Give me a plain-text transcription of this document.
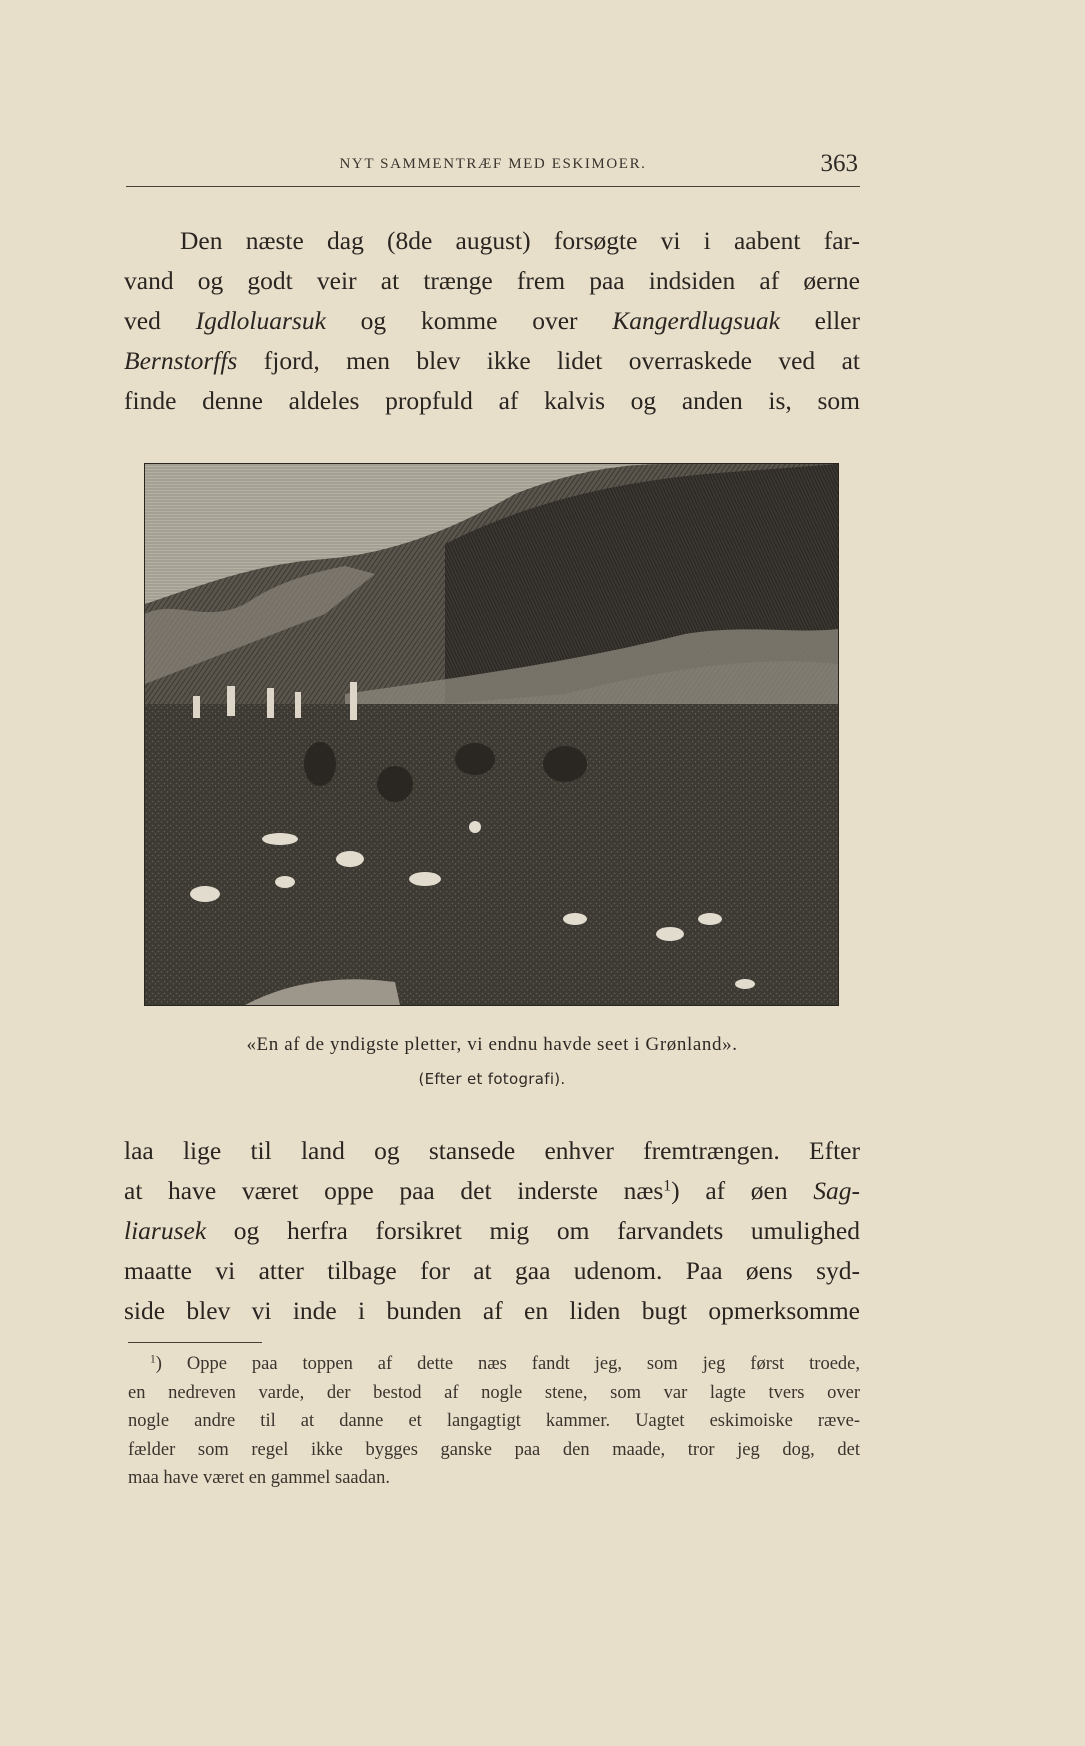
NYT SAMMENTRÆF MED ESKIMOER.	363
Den næste dag (8de august) forsøgte vi i aabent far-
vand og godt veir at trænge frem paa indsiden af øerne
ved Igdloluarsuk og komme over Kangerdlugsuak eller
Bernstorffs fjord, men blev ikke lidet overraskede ved at
finde denne aldeles propfuld af kalvis og anden is, som
«En af de yndigste pletter, vi endnu havde seet i Grønland».
(Efter et fotografi).
laa lige til land og stansede enhver fremtrængen. Efter
at have været oppe paa det inderste næs$^1$) af øen Sag-
liarusek og herfra forsikret mig om farvandets umulighed
maatte vi atter tilbage for at gaa udenom. Paa øens syd-
side blev vi inde i bunden af en liden bugt opmerksomme
$^1$) Oppe paa toppen af dette næs fandt jeg, som jeg først troede,
en nedreven varde, der bestod af nogle stene, som var lagte tvers over
nogle andre til at danne et langagtigt kammer. Uagtet eskimoiske ræve-
fælder som regel ikke bygges ganske paa den maade, tror jeg dog, det
maa have været en gammel saadan.
